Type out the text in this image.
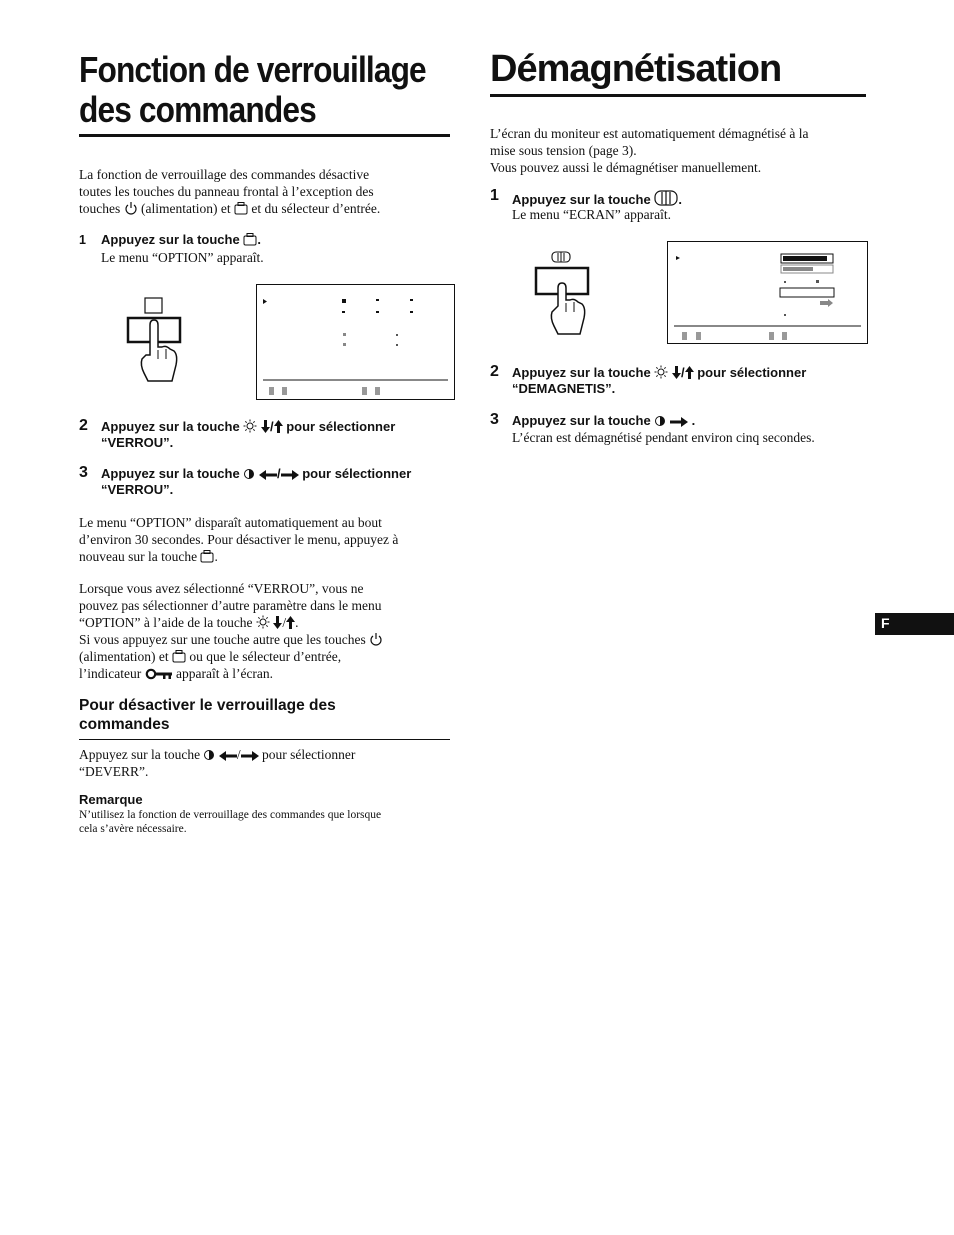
Fonction de verrouillage
des commandes

La fonction de verrouillage des commandes désactive

toutes les touches du panneau frontal à l’exception des

touches (alimentation) et et du sélecteur d’entrée.

1 Appuyez sur la touche .

Le menu “OPTION” apparaît.

2 Appuyez sur la touche / pour sélectionner
“VERROU”.
3 Appuyez sur la touche	/ pour sélectionner
“VERROU”.

Le menu “OPTION” disparaît automatiquement au bout

d’environ 30 secondes. Pour désactiver le menu, appuyez à

nouveau sur la touche .

Lorsque vous avez sélectionné “VERROU”, vous ne

pouvez pas sélectionner d’autre paramètre dans le menu

“OPTION” à l’aide de la touche / .

Si vous appuyez sur une touche autre que les touches

(alimentation) et ou que le sélecteur d’entrée,

l’indicateur	apparaît à l’écran.

Pour désactiver le verrouillage des

commandes

Appuyez sur la touche	/ pour sélectionner

“DEVERR”.

Remarque

N’utilisez la fonction de verrouillage des commandes que lorsque

cela s’avère nécessaire.

Démagnétisation

L’écran du moniteur est automatiquement démagnétisé à la

mise sous tension (page 3).

Vous pouvez aussi le démagnétiser manuellement.

1 Appuyez sur la touche .

Le menu “ECRAN” apparaît.

2 Appuyez sur la touche / pour sélectionner
“DEMAGNETIS”.
3 Appuyez sur la touche	.

L’écran est démagnétisé pendant environ cinq secondes.

F
